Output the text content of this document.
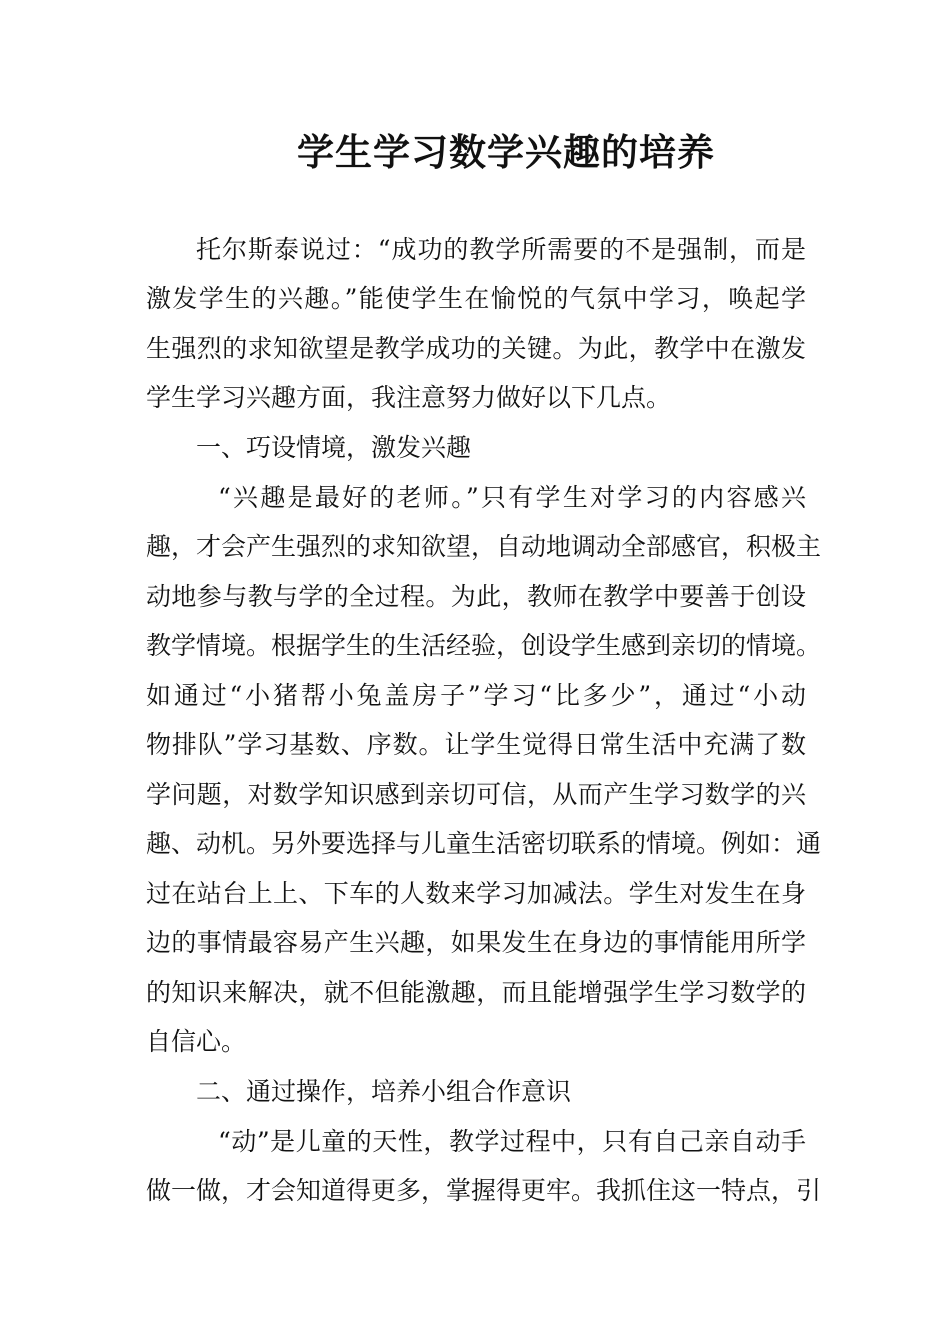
学生学习数学兴趣的培养
托尔斯泰说过：“成功的教学所需要的不是强制，而是
激发学生的兴趣。”能使学生在愉悦的气氛中学习，唤起学
生强烈的求知欲望是教学成功的关键。为此，教学中在激发
学生学习兴趣方面，我注意努力做好以下几点。
一、巧设情境，激发兴趣
“兴趣是最好的老师。”只有学生对学习的内容感兴
趣，才会产生强烈的求知欲望，自动地调动全部感官，积极主
动地参与教与学的全过程。为此，教师在教学中要善于创设
教学情境。根据学生的生活经验，创设学生感到亲切的情境。
如通过“小猪帮小兔盖房子”学习“比多少”，通过“小动
物排队”学习基数、序数。让学生觉得日常生活中充满了数
学问题，对数学知识感到亲切可信，从而产生学习数学的兴
趣、动机。另外要选择与儿童生活密切联系的情境。例如：通
过在站台上上、下车的人数来学习加减法。学生对发生在身
边的事情最容易产生兴趣，如果发生在身边的事情能用所学
的知识来解决，就不但能激趣，而且能增强学生学习数学的
自信心。
二、通过操作，培养小组合作意识
“动”是儿童的天性，教学过程中，只有自己亲自动手
做一做，才会知道得更多，掌握得更牢。我抓住这一特点，引
